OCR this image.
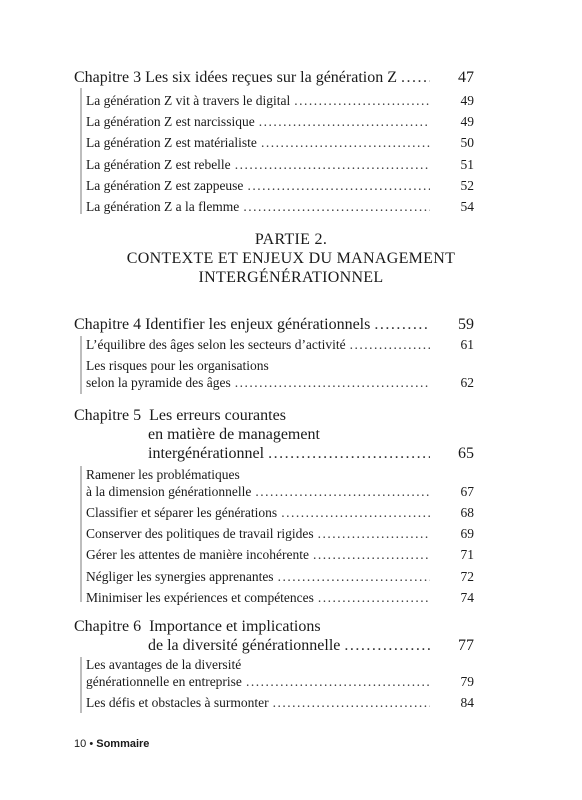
Chapitre 3 Les six idées reçues sur la génération Z .....	47
La génération Z vit à travers le digital .....	49
La génération Z est narcissique .....	49
La génération Z est matérialiste .....	50
La génération Z est rebelle .....	51
La génération Z est zappeuse .....	52
La génération Z a la flemme .....	54
PARTIE 2.
CONTEXTE ET ENJEUX DU MANAGEMENT
INTERGÉNÉRATIONNEL
Chapitre 4 Identifier les enjeux générationnels .....	59
L’équilibre des âges selon les secteurs d’activité .....	61
Les risques pour les organisations
selon la pyramide des âges .....	62
Chapitre 5 Les erreurs courantes
en matière de management
intergénérationnel .....	65
Ramener les problématiques
à la dimension générationnelle .....	67
Classifier et séparer les générations .....	68
Conserver des politiques de travail rigides .....	69
Gérer les attentes de manière incohérente .....	71
Négliger les synergies apprenantes .....	72
Minimiser les expériences et compétences .....	74
Chapitre 6 Importance et implications
de la diversité générationnelle .....	77
Les avantages de la diversité
générationnelle en entreprise .....	79
Les défis et obstacles à surmonter .....	84
10 • Sommaire
